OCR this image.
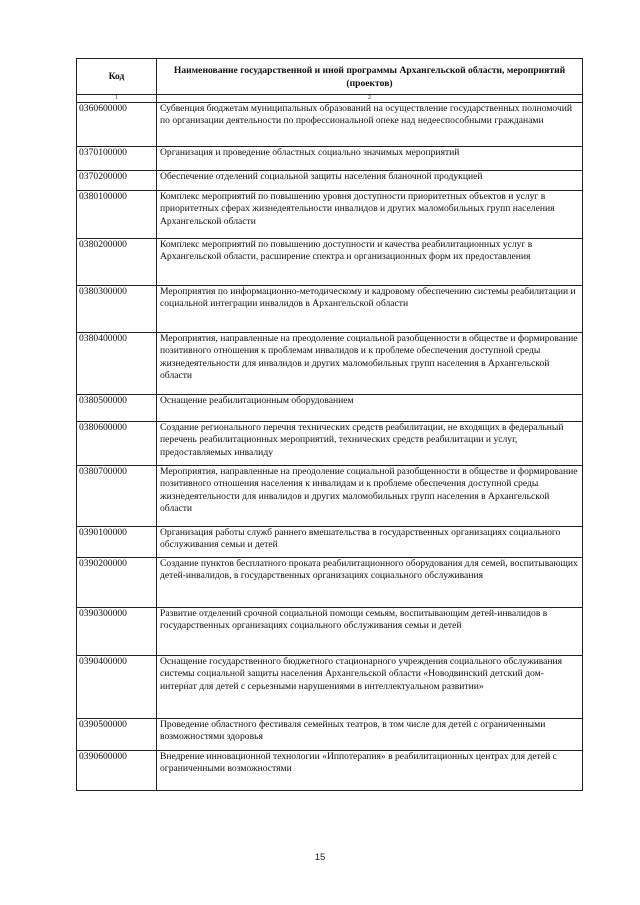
Код	Наименование государственной и иной программы Архангельской области, мероприятий (проектов)
1	2
0360600000	Субвенция бюджетам муниципальных образований на осуществление государственных полномочий по организации деятельности по профессиональной опеке над недееспособными гражданами
0370100000	Организация и проведение областных социально значимых мероприятий
0370200000	Обеспечение отделений социальной защиты населения бланочной продукцией
0380100000	Комплекс мероприятий по повышению уровня доступности приоритетных объектов и услуг в приоритетных сферах жизнедеятельности инвалидов и других маломобильных групп населения Архангельской области
0380200000	Комплекс мероприятий по повышению доступности и качества реабилитационных услуг в Архангельской области, расширение спектра и организационных форм их предоставления
0380300000	Мероприятия по информационно-методическому и кадровому обеспечению системы реабилитации и социальной интеграции инвалидов в Архангельской области
0380400000	Мероприятия, направленные на преодоление социальной разобщенности в обществе и формирование позитивного отношения к проблемам инвалидов и к проблеме обеспечения доступной среды жизнедеятельности для инвалидов и других маломобильных групп населения в Архангельской области
0380500000	Оснащение реабилитационным оборудованием
0380600000	Создание регионального перечня технических средств реабилитации, не входящих в федеральный перечень реабилитационных мероприятий, технических средств реабилитации и услуг, предоставляемых инвалиду
0380700000	Мероприятия, направленные на преодоление социальной разобщенности в обществе и формирование позитивного отношения населения к инвалидам и к проблеме обеспечения доступной среды жизнедеятельности для инвалидов и других маломобильных групп населения в Архангельской области
0390100000	Организация работы служб раннего вмешательства в государственных организациях социального обслуживания семьи и детей
0390200000	Создание пунктов бесплатного проката реабилитационного оборудования для семей, воспитывающих детей-инвалидов, в государственных организациях социального обслуживания
0390300000	Развитие отделений срочной социальной помощи семьям, воспитывающим детей-инвалидов в государственных организациях социального обслуживания семьи и детей
0390400000	Оснащение государственного бюджетного стационарного учреждения социального обслуживания системы социальной защиты населения Архангельской области «Новодвинский детский дом-интернат для детей с серьезными нарушениями в интеллектуальном развитии»
0390500000	Проведение областного фестиваля семейных театров, в том числе для детей с ограниченными возможностями здоровья
0390600000	Внедрение инновационной технологии «Иппотерапия» в реабилитационных центрах для детей с ограниченными возможностями
15
